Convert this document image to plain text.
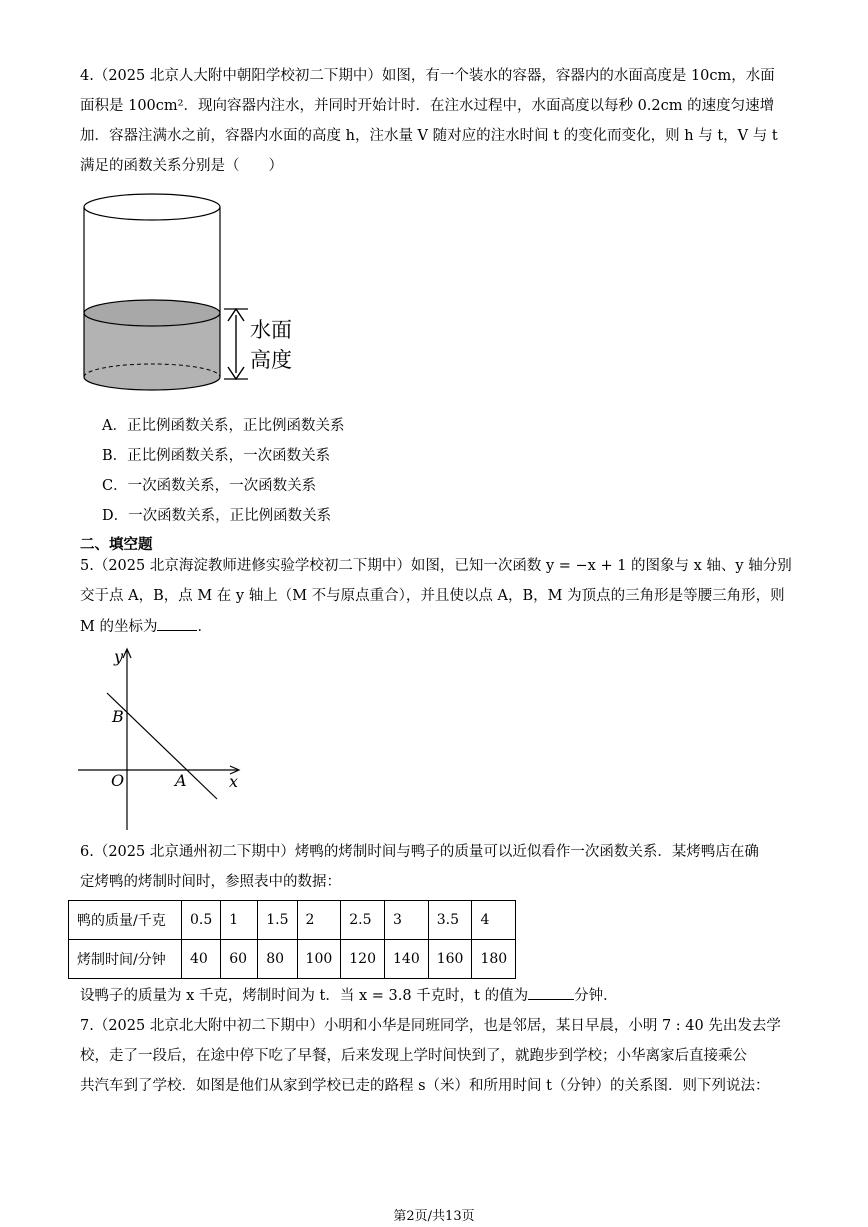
4.（2025 北京人大附中朝阳学校初二下期中）如图，有一个装水的容器，容器内的水面高度是 10cm，水面
面积是 100cm²．现向容器内注水，并同时开始计时．在注水过程中，水面高度以每秒 0.2cm 的速度匀速增
加．容器注满水之前，容器内水面的高度 h，注水量 V 随对应的注水时间 t 的变化而变化，则 h 与 t，V 与 t
满足的函数关系分别是（　　）
水面
高度
A．正比例函数关系，正比例函数关系
B．正比例函数关系，一次函数关系
C．一次函数关系，一次函数关系
D．一次函数关系，正比例函数关系
二、填空题
5.（2025 北京海淀教师进修实验学校初二下期中）如图，已知一次函数 y = −x + 1 的图象与 x 轴、y 轴分别
交于点 A，B，点 M 在 y 轴上（M 不与原点重合），并且使以点 A，B，M 为顶点的三角形是等腰三角形，则
M 的坐标为	．
y
x
O	A
B
6.（2025 北京通州初二下期中）烤鸭的烤制时间与鸭子的质量可以近似看作一次函数关系．某烤鸭店在确
定烤鸭的烤制时间时，参照表中的数据：
鸭的质量/千克	0.5	1	1.5	2	2.5	3	3.5	4
烤制时间/分钟	40	60	80	100	120	140	160	180
设鸭子的质量为 x 千克，烤制时间为 t．当 x = 3.8 千克时，t 的值为	分钟．
7.（2025 北京北大附中初二下期中）小明和小华是同班同学，也是邻居，某日早晨，小明 7 : 40 先出发去学
校，走了一段后，在途中停下吃了早餐，后来发现上学时间快到了，就跑步到学校；小华离家后直接乘公
共汽车到了学校．如图是他们从家到学校已走的路程 s（米）和所用时间 t（分钟）的关系图．则下列说法：
第2页/共13页
